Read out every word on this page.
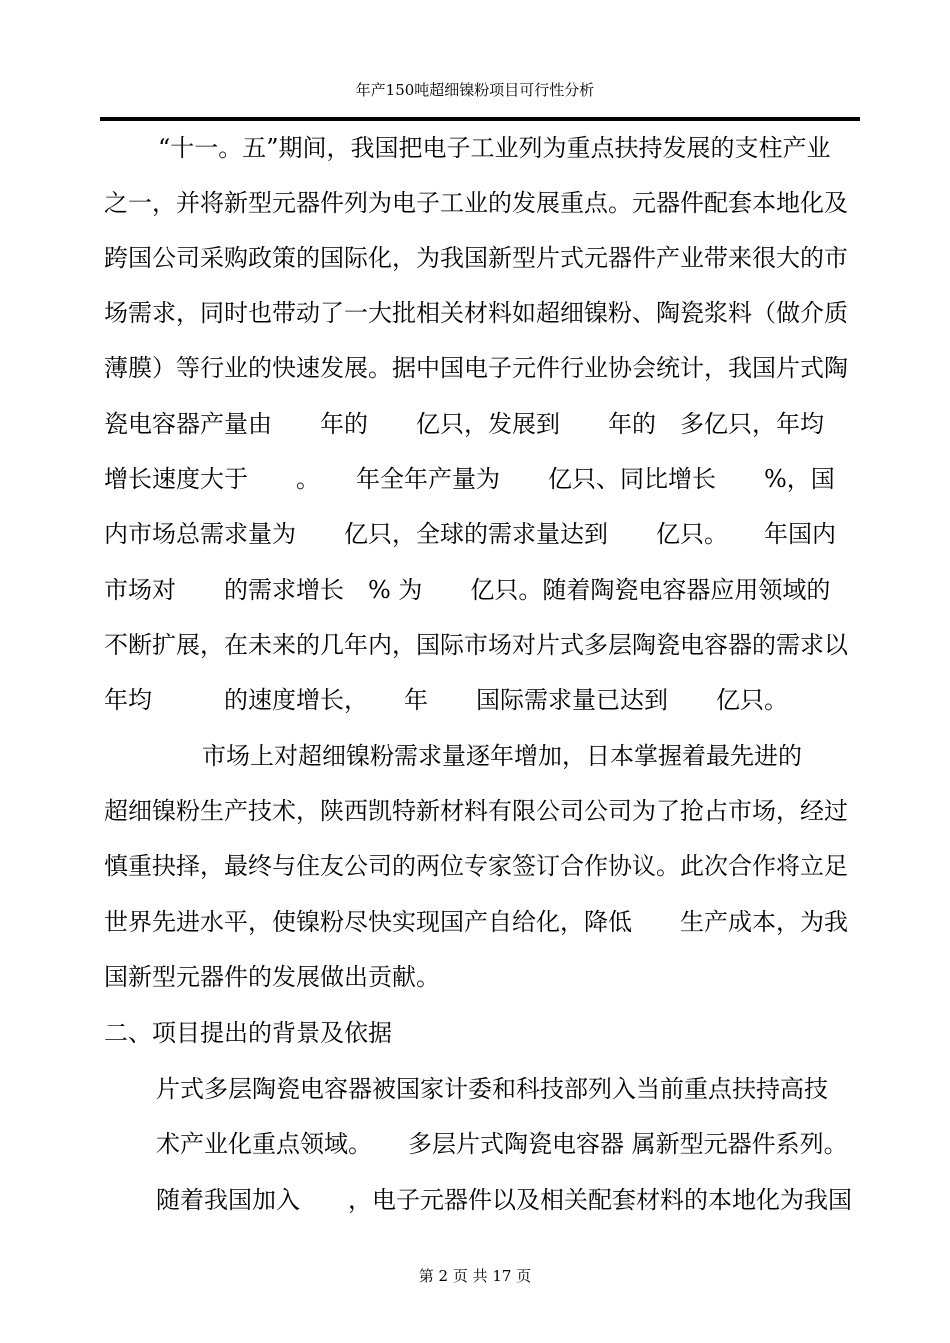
年产150吨超细镍粉项目可行性分析
“十一。五”期间，我国把电子工业列为重点扶持发展的支柱产业
之一，并将新型元器件列为电子工业的发展重点。元器件配套本地化及
跨国公司采购政策的国际化，为我国新型片式元器件产业带来很大的市
场需求，同时也带动了一大批相关材料如超细镍粉、陶瓷浆料（做介质
薄膜）等行业的快速发展。据中国电子元件行业协会统计，我国片式陶
瓷电容器产量由　　年的　　亿只，发展到　　年的　多亿只，年均
增长速度大于　　。　　年全年产量为　　亿只、同比增长　　%，国
内市场总需求量为　　亿只，全球的需求量达到　　亿只。　　年国内
市场对　　的需求增长　% 为　　亿只。随着陶瓷电容器应用领域的
不断扩展，在未来的几年内，国际市场对片式多层陶瓷电容器的需求以
年均　　　的速度增长，　　年　　国际需求量已达到　　亿只。
市场上对超细镍粉需求量逐年增加，日本掌握着最先进的
超细镍粉生产技术，陕西凯特新材料有限公司公司为了抢占市场，经过
慎重抉择，最终与住友公司的两位专家签订合作协议。此次合作将立足
世界先进水平，使镍粉尽快实现国产自给化，降低　　生产成本，为我
国新型元器件的发展做出贡献。
二、项目提出的背景及依据
片式多层陶瓷电容器被国家计委和科技部列入当前重点扶持高技
术产业化重点领域。　　多层片式陶瓷电容器 属新型元器件系列。
随着我国加入　　，电子元器件以及相关配套材料的本地化为我国
第 2 页 共 17 页
